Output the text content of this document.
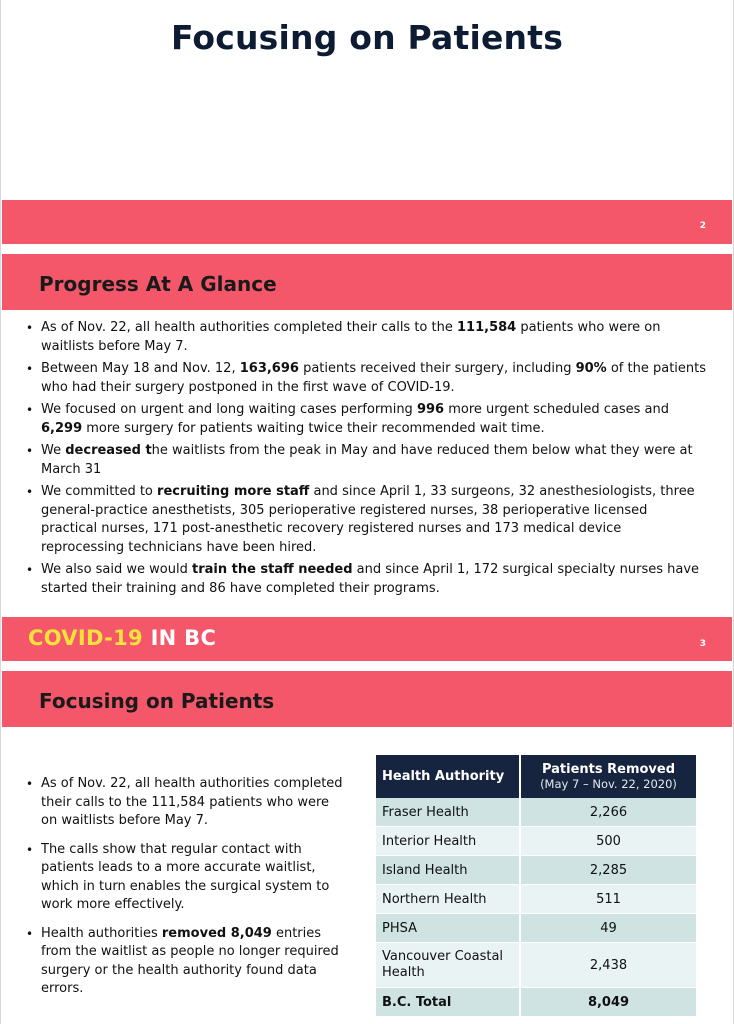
Focusing on Patients
2
Progress At A Glance
• As of Nov. 22, all health authorities completed their calls to the 111,584 patients who were on waitlists before May 7.
• Between May 18 and Nov. 12, 163,696 patients received their surgery, including 90% of the patients who had their surgery postponed in the first wave of COVID-19.
• We focused on urgent and long waiting cases performing 996 more urgent scheduled cases and 6,299 more surgery for patients waiting twice their recommended wait time.
• We decreased the waitlists from the peak in May and have reduced them below what they were at March 31
• We committed to recruiting more staff and since April 1, 33 surgeons, 32 anesthesiologists, three general-practice anesthetists, 305 perioperative registered nurses, 38 perioperative licensed practical nurses, 171 post-anesthetic recovery registered nurses and 173 medical device reprocessing technicians have been hired.
• We also said we would train the staff needed and since April 1, 172 surgical specialty nurses have started their training and 86 have completed their programs.
COVID-19 IN BC	3
Focusing on Patients
• As of Nov. 22, all health authorities completed their calls to the 111,584 patients who were on waitlists before May 7.
• The calls show that regular contact with patients leads to a more accurate waitlist, which in turn enables the surgical system to work more effectively.
• Health authorities removed 8,049 entries from the waitlist as people no longer required surgery or the health authority found data errors.
Health Authority	Patients Removed
(May 7 – Nov. 22, 2020)

Fraser Health	2,266
Interior Health	500
Island Health	2,285
Northern Health	511
PHSA	49
Vancouver Coastal Health	2,438
B.C. Total	8,049
